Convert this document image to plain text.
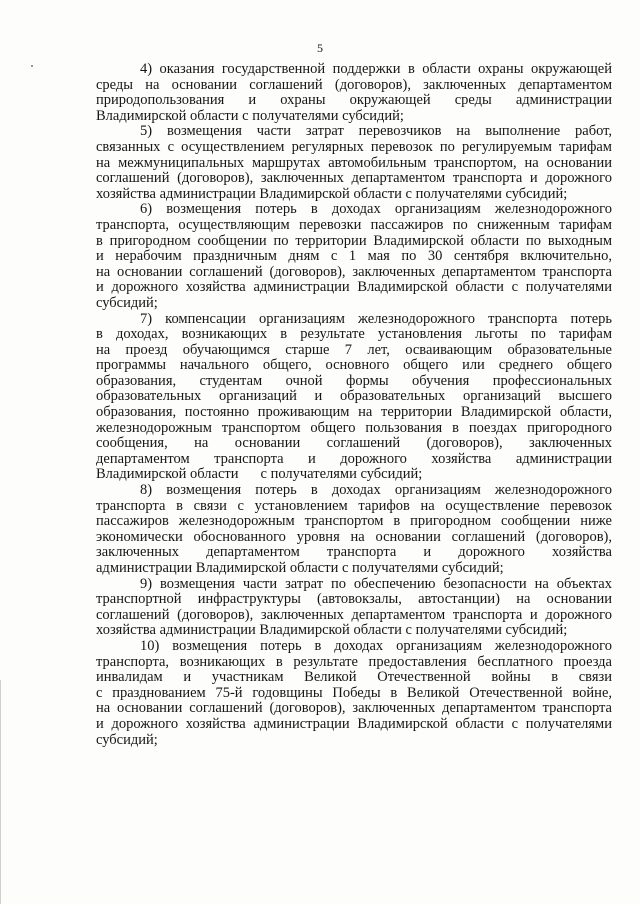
5
4) оказания государственной поддержки в области охраны окружающей
среды на основании соглашений (договоров), заключенных департаментом
природопользования и охраны окружающей среды администрации
Владимирской области с получателями субсидий;
5) возмещения части затрат перевозчиков на выполнение работ,
связанных с осуществлением регулярных перевозок по регулируемым тарифам
на межмуниципальных маршрутах автомобильным транспортом, на основании
соглашений (договоров), заключенных департаментом транспорта и дорожного
хозяйства администрации Владимирской области с получателями субсидий;
6) возмещения потерь в доходах организациям железнодорожного
транспорта, осуществляющим перевозки пассажиров по сниженным тарифам
в пригородном сообщении по территории Владимирской области по выходным
и нерабочим праздничным дням с 1 мая по 30 сентября включительно,
на основании соглашений (договоров), заключенных департаментом транспорта
и дорожного хозяйства администрации Владимирской области с получателями
субсидий;
7) компенсации организациям железнодорожного транспорта потерь
в доходах, возникающих в результате установления льготы по тарифам
на проезд обучающимся старше 7 лет, осваивающим образовательные
программы начального общего, основного общего или среднего общего
образования, студентам очной формы обучения профессиональных
образовательных организаций и образовательных организаций высшего
образования, постоянно проживающим на территории Владимирской области,
железнодорожным транспортом общего пользования в поездах пригородного
сообщения, на основании соглашений (договоров), заключенных
департаментом транспорта и дорожного хозяйства администрации
Владимирской области с получателями субсидий;
8) возмещения потерь в доходах организациям железнодорожного
транспорта в связи с установлением тарифов на осуществление перевозок
пассажиров железнодорожным транспортом в пригородном сообщении ниже
экономически обоснованного уровня на основании соглашений (договоров),
заключенных департаментом транспорта и дорожного хозяйства
администрации Владимирской области с получателями субсидий;
9) возмещения части затрат по обеспечению безопасности на объектах
транспортной инфраструктуры (автовокзалы, автостанции) на основании
соглашений (договоров), заключенных департаментом транспорта и дорожного
хозяйства администрации Владимирской области с получателями субсидий;
10) возмещения потерь в доходах организациям железнодорожного
транспорта, возникающих в результате предоставления бесплатного проезда
инвалидам и участникам Великой Отечественной войны в связи
с празднованием 75-й годовщины Победы в Великой Отечественной войне,
на основании соглашений (договоров), заключенных департаментом транспорта
и дорожного хозяйства администрации Владимирской области с получателями
субсидий;
